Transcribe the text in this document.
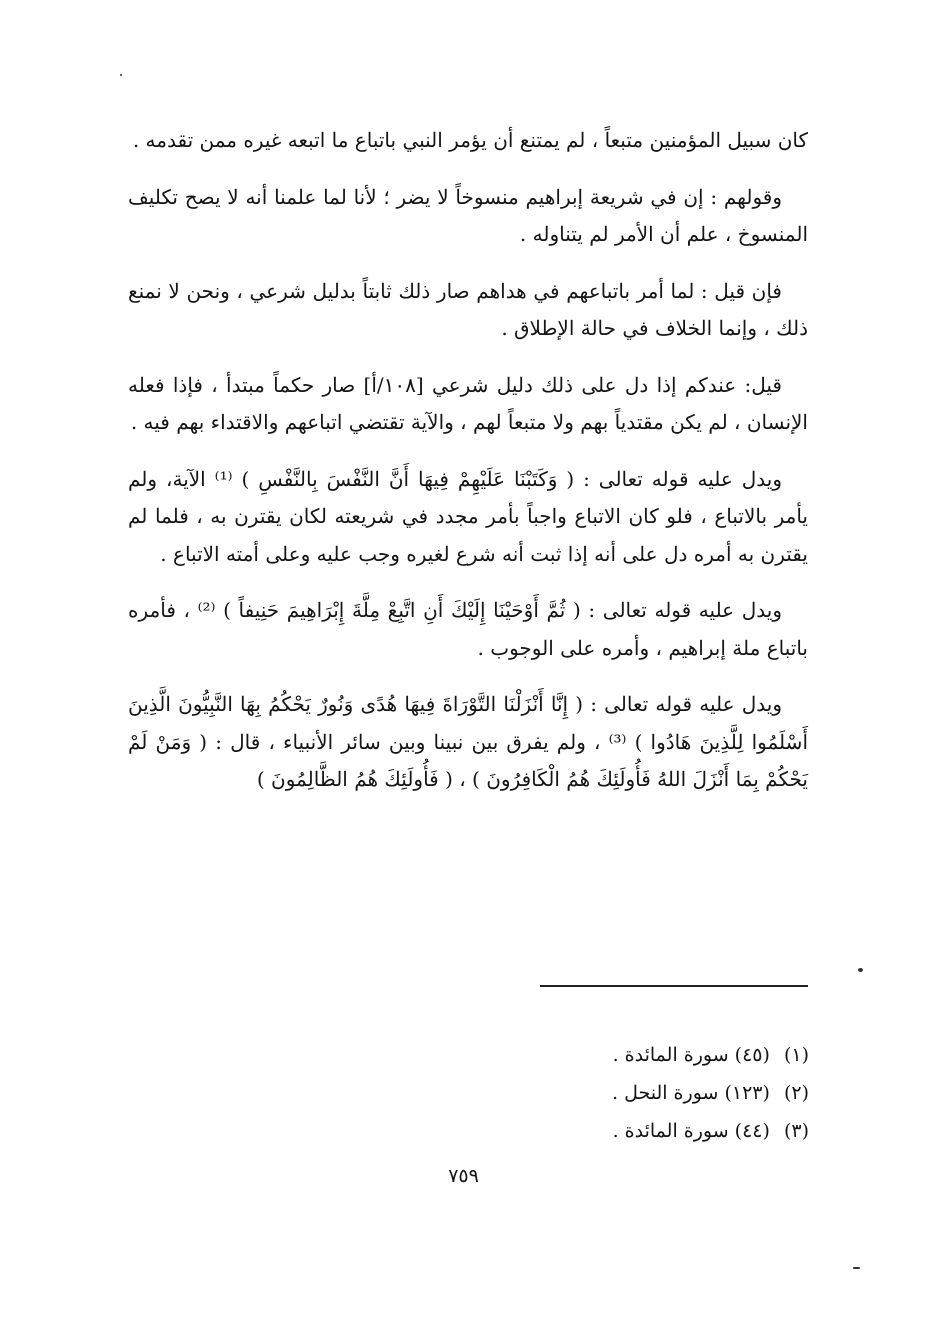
كان سبيل المؤمنين متبعاً ، لم يمتنع أن يؤمر النبي باتباع ما اتبعه غيره ممن تقدمه .

وقولهم : إن في شريعة إبراهيم منسوخاً لا يضر ؛ لأنا لما علمنا أنه لا يصح تكليف المنسوخ ، علم أن الأمر لم يتناوله .

فإن قيل : لما أمر باتباعهم في هداهم صار ذلك ثابتاً بدليل شرعي ، ونحن لا نمنع ذلك ، وإنما الخلاف في حالة الإطلاق .

قيل: عندكم إذا دل على ذلك دليل شرعي [١٠٨/أ] صار حكماً مبتدأ ، فإذا فعله الإنسان ، لم يكن مقتدياً بهم ولا متبعاً لهم ، والآية تقتضي اتباعهم والاقتداء بهم فيه .

ويدل عليه قوله تعالى : ( وَكَتَبْنَا عَلَيْهِمْ فِيهَا أَنَّ النَّفْسَ بِالنَّفْسِ ) ⁽¹⁾ الآية، ولم يأمر بالاتباع ، فلو كان الاتباع واجباً بأمر مجدد في شريعته لكان يقترن به ، فلما لم يقترن به أمره دل على أنه إذا ثبت أنه شرع لغيره وجب عليه وعلى أمته الاتباع .

ويدل عليه قوله تعالى : ( ثُمَّ أَوْحَيْنَا إِلَيْكَ أَنِ اتَّبِعْ مِلَّةَ إِبْرَاهِيمَ حَنِيفاً ) ⁽²⁾ ، فأمره باتباع ملة إبراهيم ، وأمره على الوجوب .

ويدل عليه قوله تعالى : ( إِنَّا أَنْزَلْنَا التَّوْرَاةَ فِيهَا هُدًى وَنُورٌ يَحْكُمُ بِهَا النَّبِيُّونَ الَّذِينَ أَسْلَمُوا لِلَّذِينَ هَادُوا ) ⁽³⁾ ، ولم يفرق بين نبينا وبين سائر الأنبياء ، قال : ( وَمَنْ لَمْ يَحْكُمْ بِمَا أَنْزَلَ اللهُ فَأُولَئِكَ هُمُ الْكَافِرُونَ ) ، ( فَأُولَئِكَ هُمُ الظَّالِمُونَ )

(١)(٤٥) سورة المائدة .
(٢)(١٢٣) سورة النحل .
(٣)(٤٤) سورة المائدة .
٧٥٩
